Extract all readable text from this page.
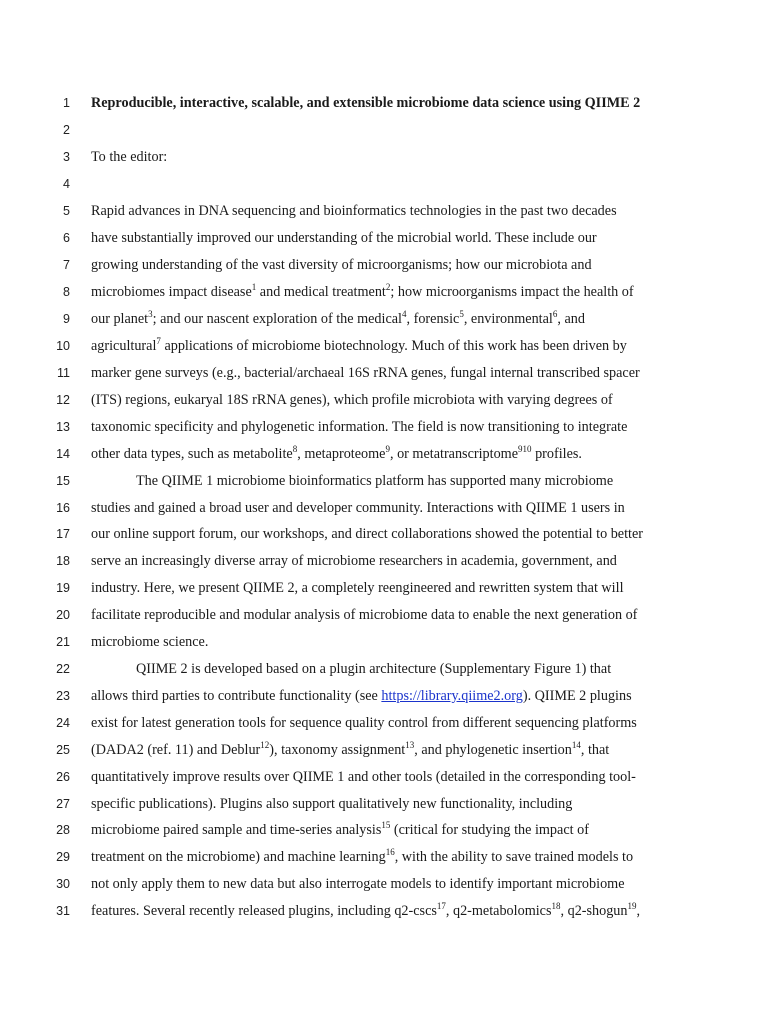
1 Reproducible, interactive, scalable, and extensible microbiome data science using QIIME 2
2
3 To the editor:
4
5 Rapid advances in DNA sequencing and bioinformatics technologies in the past two decades
6 have substantially improved our understanding of the microbial world. These include our
7 growing understanding of the vast diversity of microorganisms; how our microbiota and
8 microbiomes impact disease$^1$ and medical treatment$^2$; how microorganisms impact the health of
9 our planet$^3$; and our nascent exploration of the medical$^4$, forensic$^5$, environmental$^6$, and
10 agricultural$^7$ applications of microbiome biotechnology. Much of this work has been driven by
11 marker gene surveys (e.g., bacterial/archaeal 16S rRNA genes, fungal internal transcribed spacer
12 (ITS) regions, eukaryal 18S rRNA genes), which profile microbiota with varying degrees of
13 taxonomic specificity and phylogenetic information. The field is now transitioning to integrate
14 other data types, such as metabolite$^8$, metaproteome$^9$, or metatranscriptome$^{910}$ profiles.
15	The QIIME 1 microbiome bioinformatics platform has supported many microbiome
16 studies and gained a broad user and developer community. Interactions with QIIME 1 users in
17 our online support forum, our workshops, and direct collaborations showed the potential to better
18 serve an increasingly diverse array of microbiome researchers in academia, government, and
19 industry. Here, we present QIIME 2, a completely reengineered and rewritten system that will
20 facilitate reproducible and modular analysis of microbiome data to enable the next generation of
21 microbiome science.
22	QIIME 2 is developed based on a plugin architecture (Supplementary Figure 1) that
23 allows third parties to contribute functionality (see https://library.qiime2.org). QIIME 2 plugins
24 exist for latest generation tools for sequence quality control from different sequencing platforms
25 (DADA2 (ref. 11) and Deblur$^{12}$), taxonomy assignment$^{13}$, and phylogenetic insertion$^{14}$, that
26 quantitatively improve results over QIIME 1 and other tools (detailed in the corresponding tool-
27 specific publications). Plugins also support qualitatively new functionality, including
28 microbiome paired sample and time-series analysis$^{15}$ (critical for studying the impact of
29 treatment on the microbiome) and machine learning$^{16}$, with the ability to save trained models to
30 not only apply them to new data but also interrogate models to identify important microbiome
31 features. Several recently released plugins, including q2-cscs$^{17}$, q2-metabolomics$^{18}$, q2-shogun$^{19}$,
